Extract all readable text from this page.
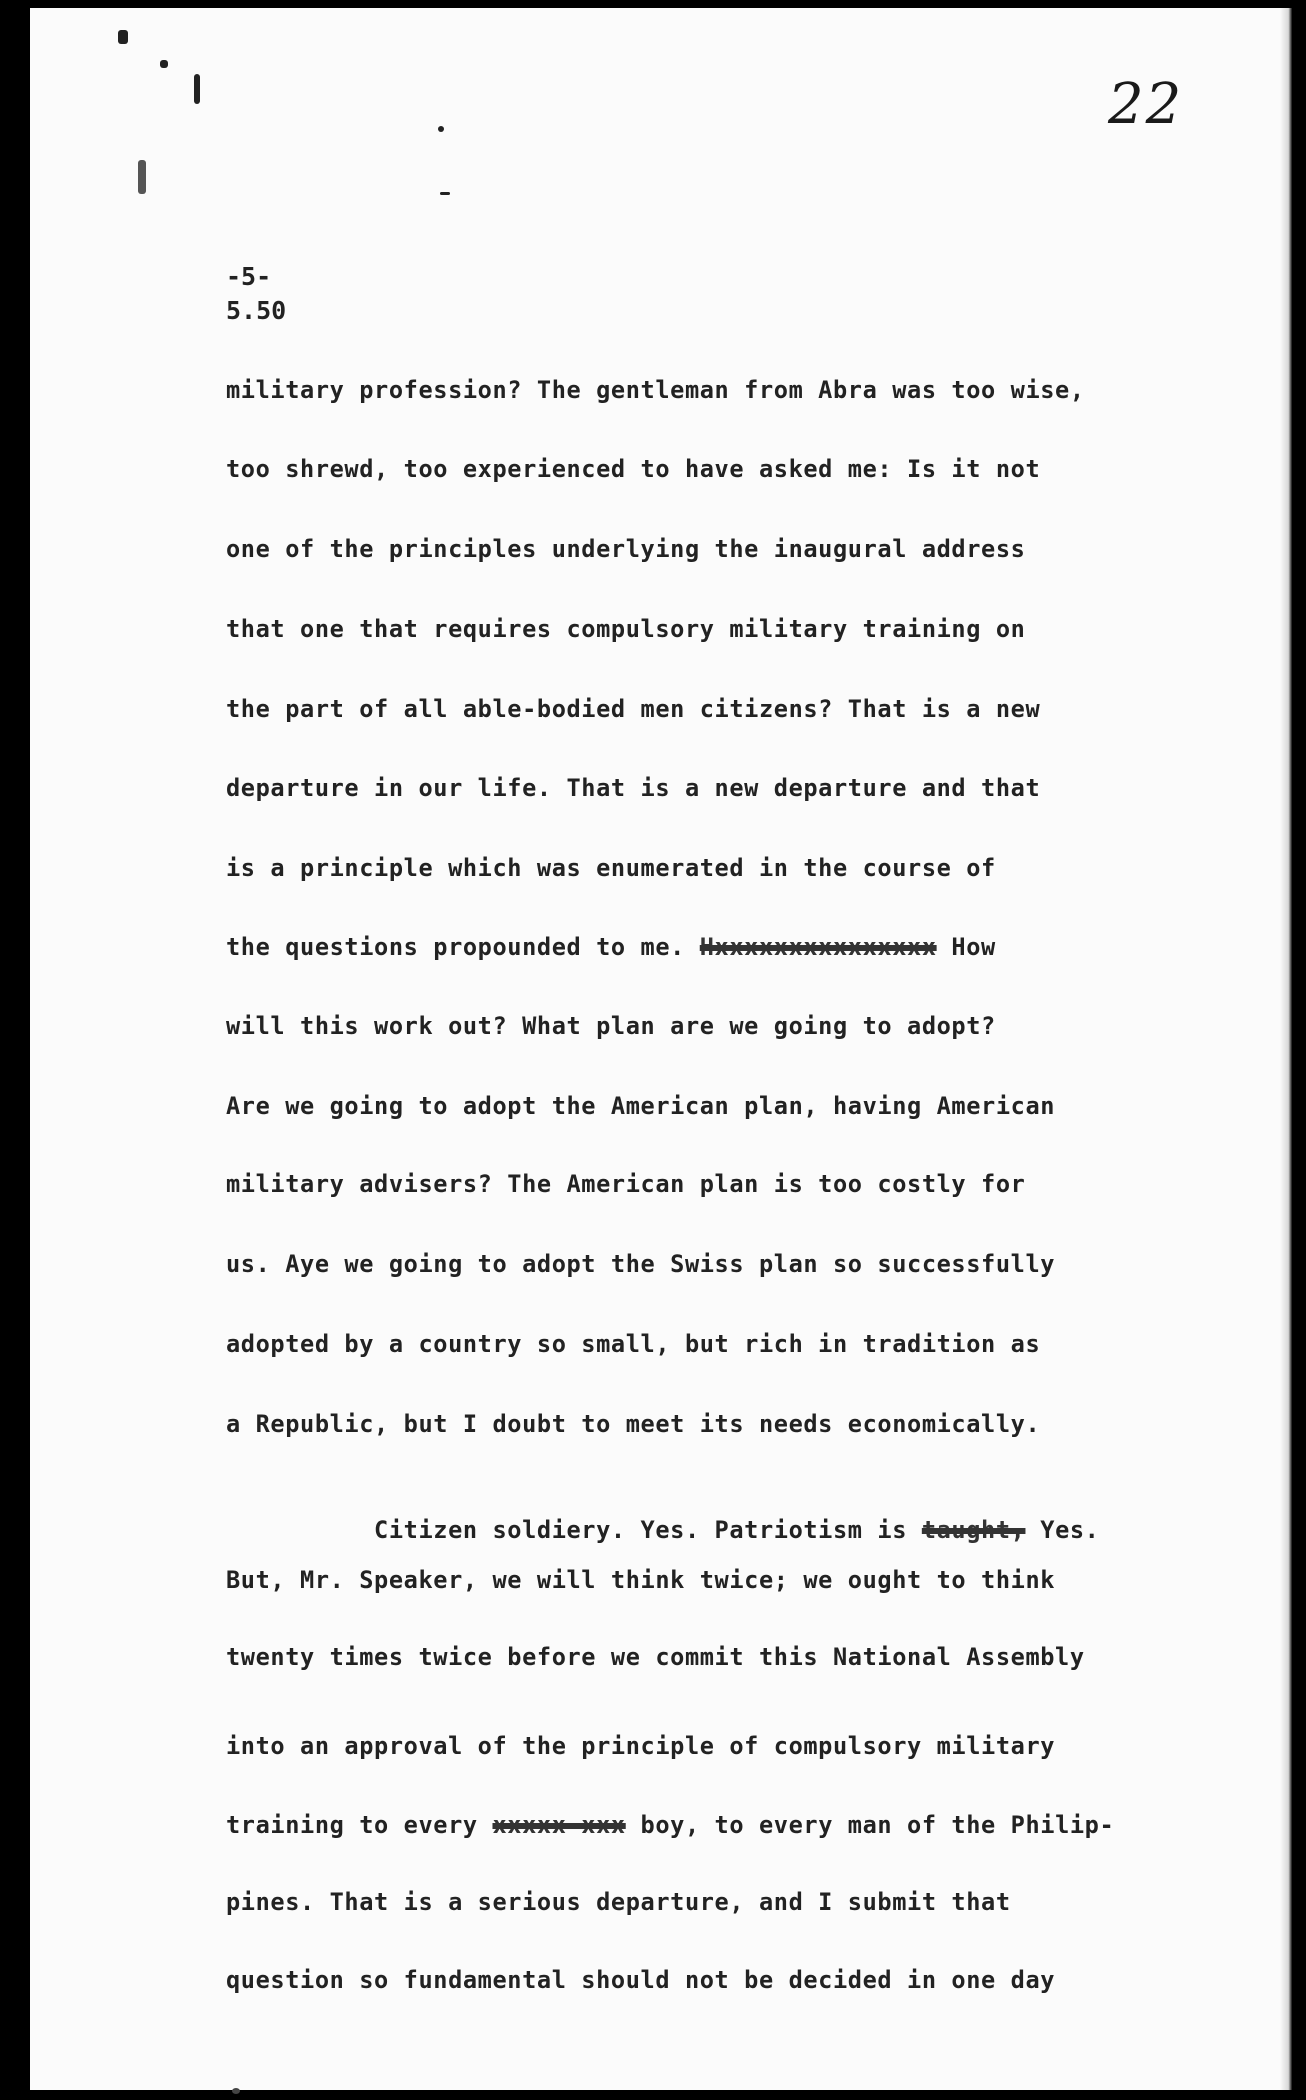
22
-5-
5.50
military profession? The gentleman from Abra was too wise,
too shrewd, too experienced to have asked me: Is it not
one of the principles underlying the inaugural address
that one that requires compulsory military training on
the part of all able-bodied men citizens? That is a new
departure in our life. That is a new departure and that
is a principle which was enumerated in the course of
the questions propounded to me. Hxxxxxxxxxxxxxxx How
will this work out? What plan are we going to adopt?
Are we going to adopt the American plan, having American
military advisers? The American plan is too costly for
us. Aye we going to adopt the Swiss plan so successfully
adopted by a country so small, but rich in tradition as
a Republic, but I doubt to meet its needs economically.

Citizen soldiery. Yes. Patriotism is taught, Yes.

But, Mr. Speaker, we will think twice; we ought to think
twenty times twice before we commit this National Assembly
into an approval of the principle of compulsory military
training to every xxxxx xxx boy, to every man of the Philip-
pines. That is a serious departure, and I submit that
question so fundamental should not be decided in one day
